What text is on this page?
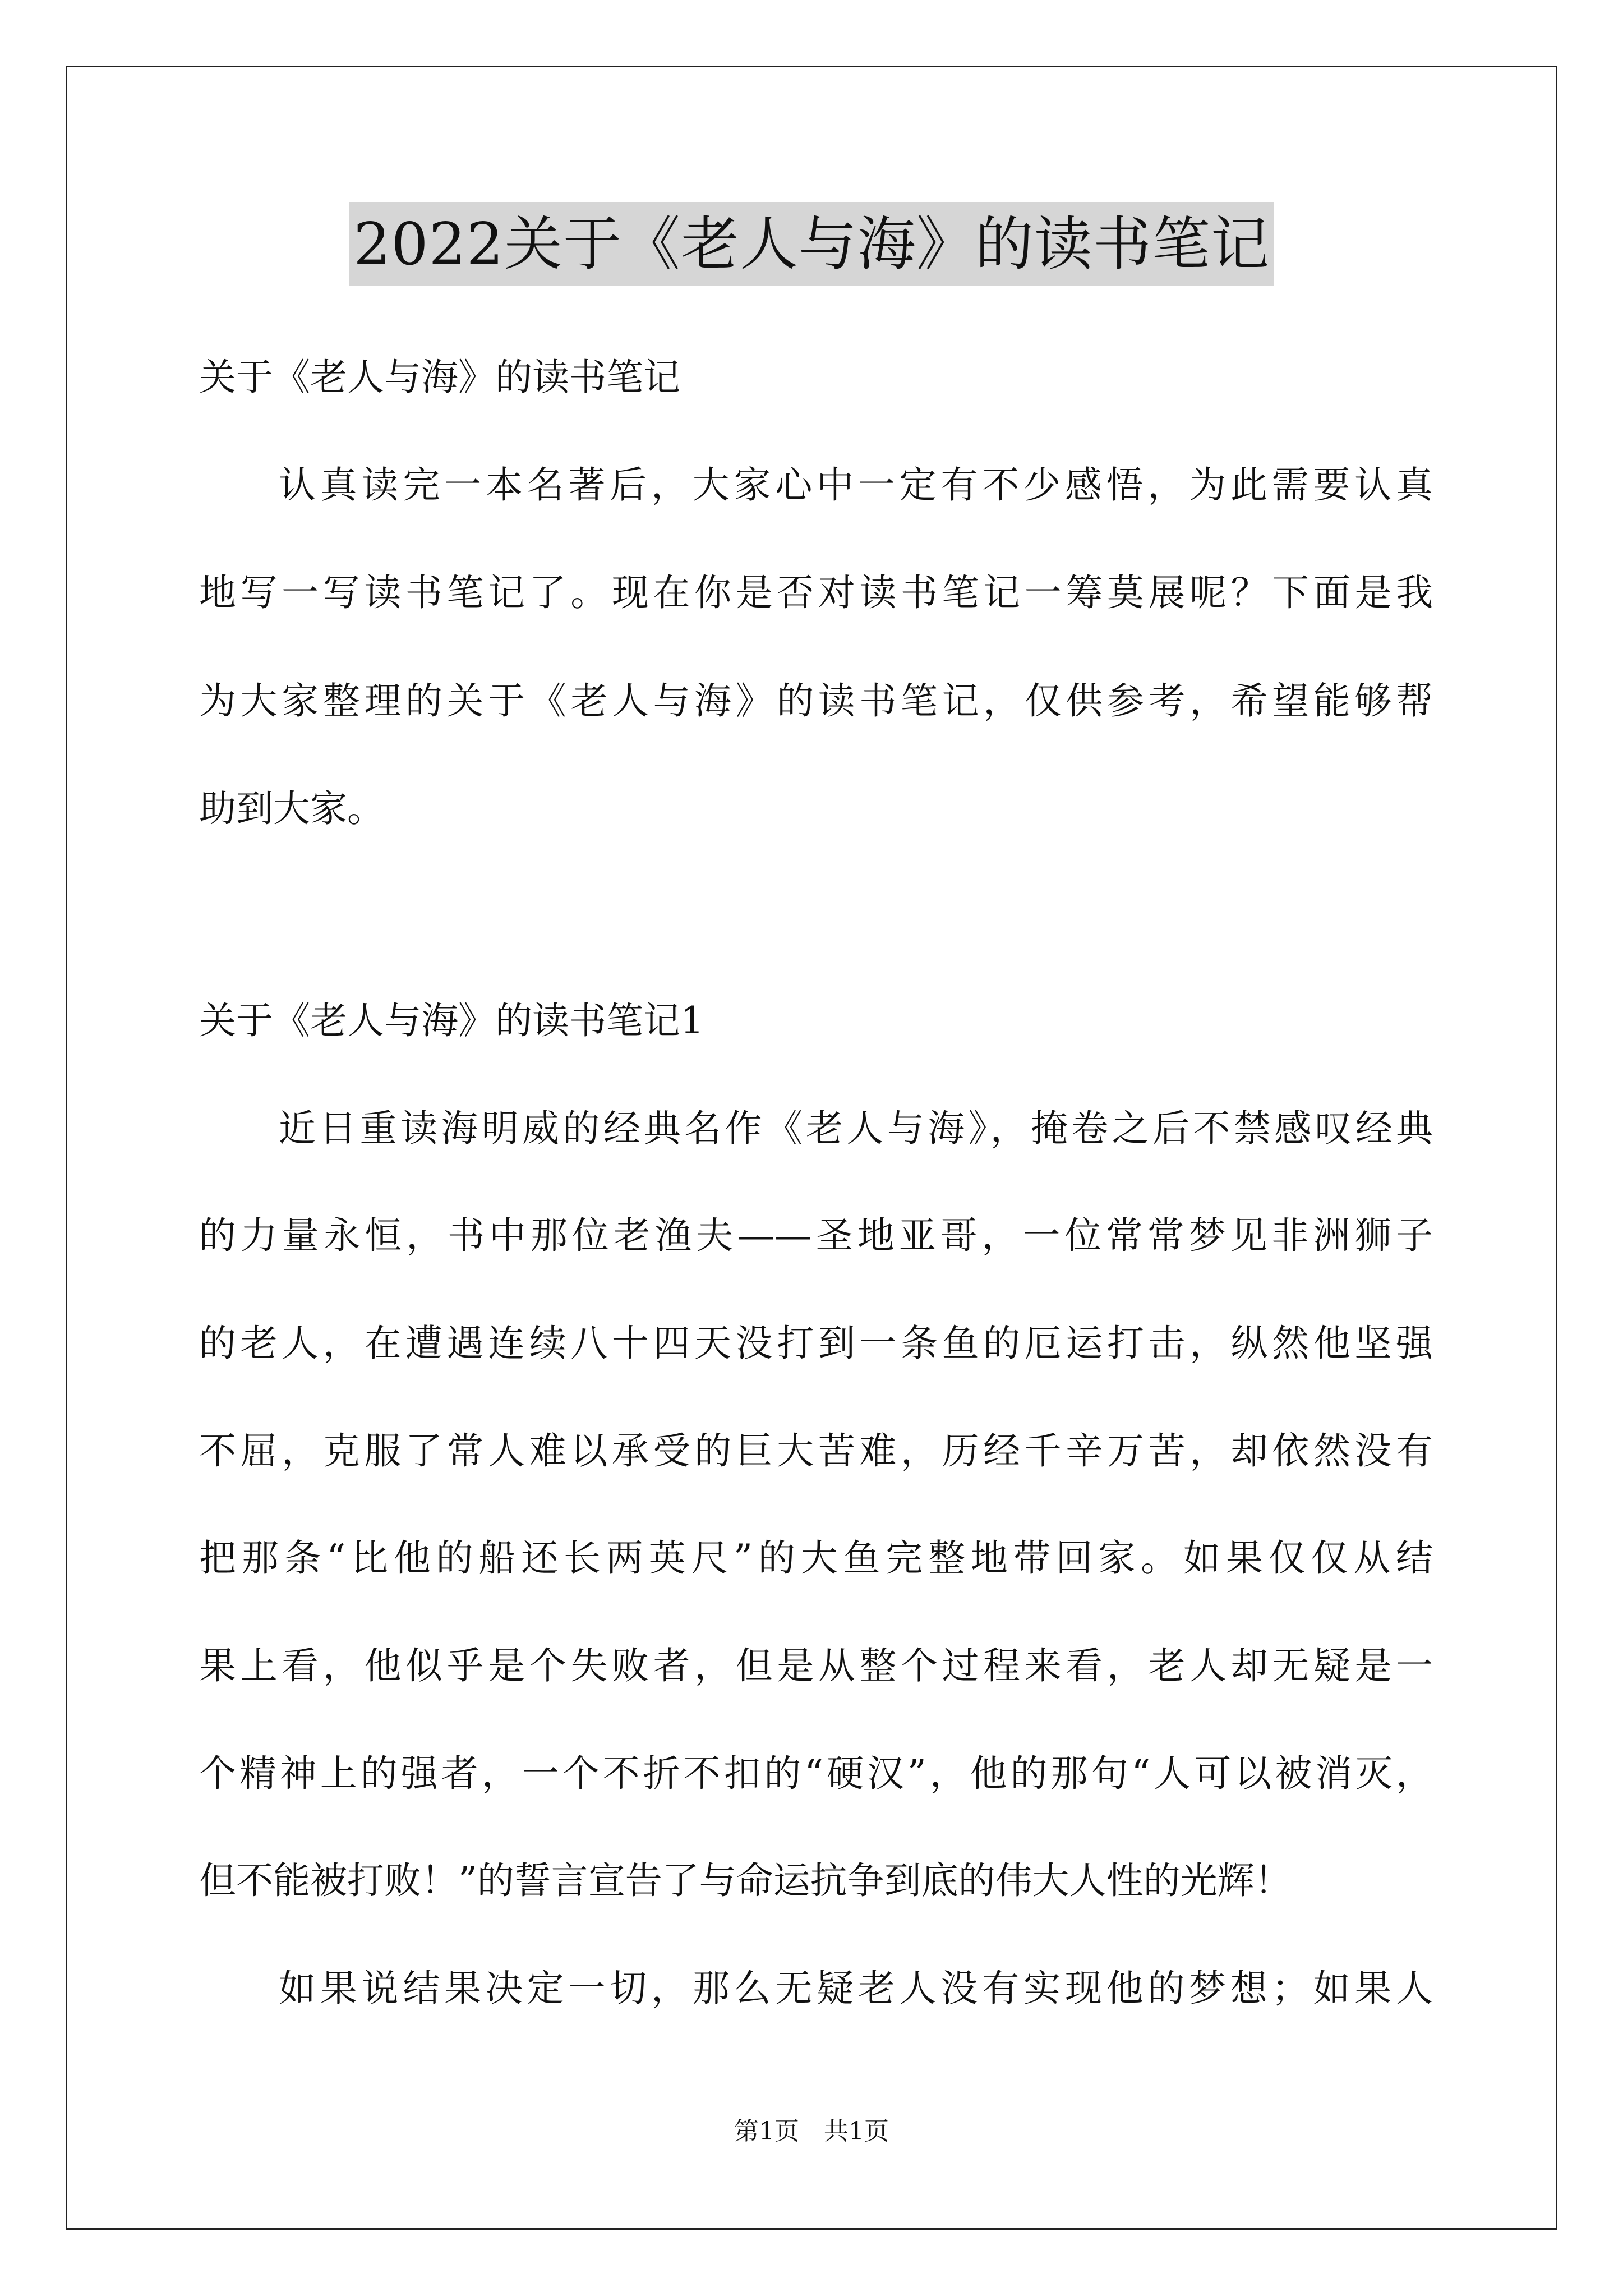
2022关于《老人与海》的读书笔记
关于《老人与海》的读书笔记
认真读完一本名著后，大家心中一定有不少感悟，为此需要认真
地写一写读书笔记了。现在你是否对读书笔记一筹莫展呢？下面是我
为大家整理的关于《老人与海》的读书笔记，仅供参考，希望能够帮
助到大家。
关于《老人与海》的读书笔记1
近日重读海明威的经典名作《老人与海》，掩卷之后不禁感叹经典
的力量永恒，书中那位老渔夫——圣地亚哥，一位常常梦见非洲狮子
的老人，在遭遇连续八十四天没打到一条鱼的厄运打击，纵然他坚强
不屈，克服了常人难以承受的巨大苦难，历经千辛万苦，却依然没有
把那条“比他的船还长两英尺”的大鱼完整地带回家。如果仅仅从结
果上看，他似乎是个失败者，但是从整个过程来看，老人却无疑是一
个精神上的强者，一个不折不扣的“硬汉”，他的那句“人可以被消灭，
但不能被打败！”的誓言宣告了与命运抗争到底的伟大人性的光辉！
如果说结果决定一切，那么无疑老人没有实现他的梦想；如果人
第1页　共1页
